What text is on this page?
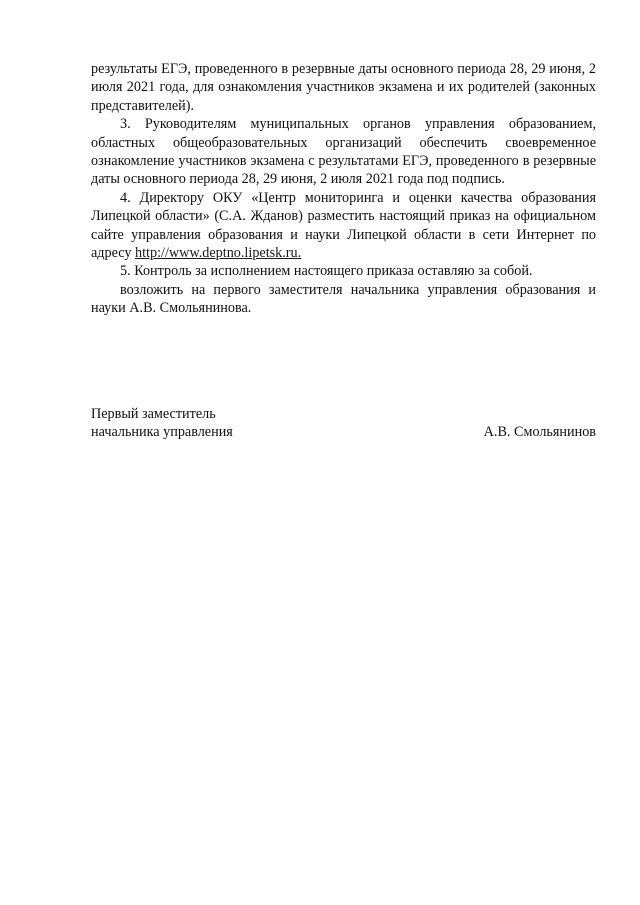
результаты ЕГЭ, проведенного в резервные даты основного периода 28, 29 июня, 2 июля 2021 года, для ознакомления участников экзамена и их родителей (законных представителей).

3. Руководителям муниципальных органов управления образованием, областных общеобразовательных организаций обеспечить своевременное ознакомление участников экзамена с результатами ЕГЭ, проведенного в резервные даты основного периода 28, 29 июня, 2 июля 2021 года под подпись.

4. Директору ОКУ «Центр мониторинга и оценки качества образования Липецкой области» (С.А. Жданов) разместить настоящий приказ на официальном сайте управления образования и науки Липецкой области в сети Интернет по адресу http://www.deptno.lipetsk.ru.

5. Контроль за исполнением настоящего приказа оставляю за собой.

возложить на первого заместителя начальника управления образования и науки А.В. Смольянинова.

Первый заместитель
начальника управления	А.В. Смольянинов
